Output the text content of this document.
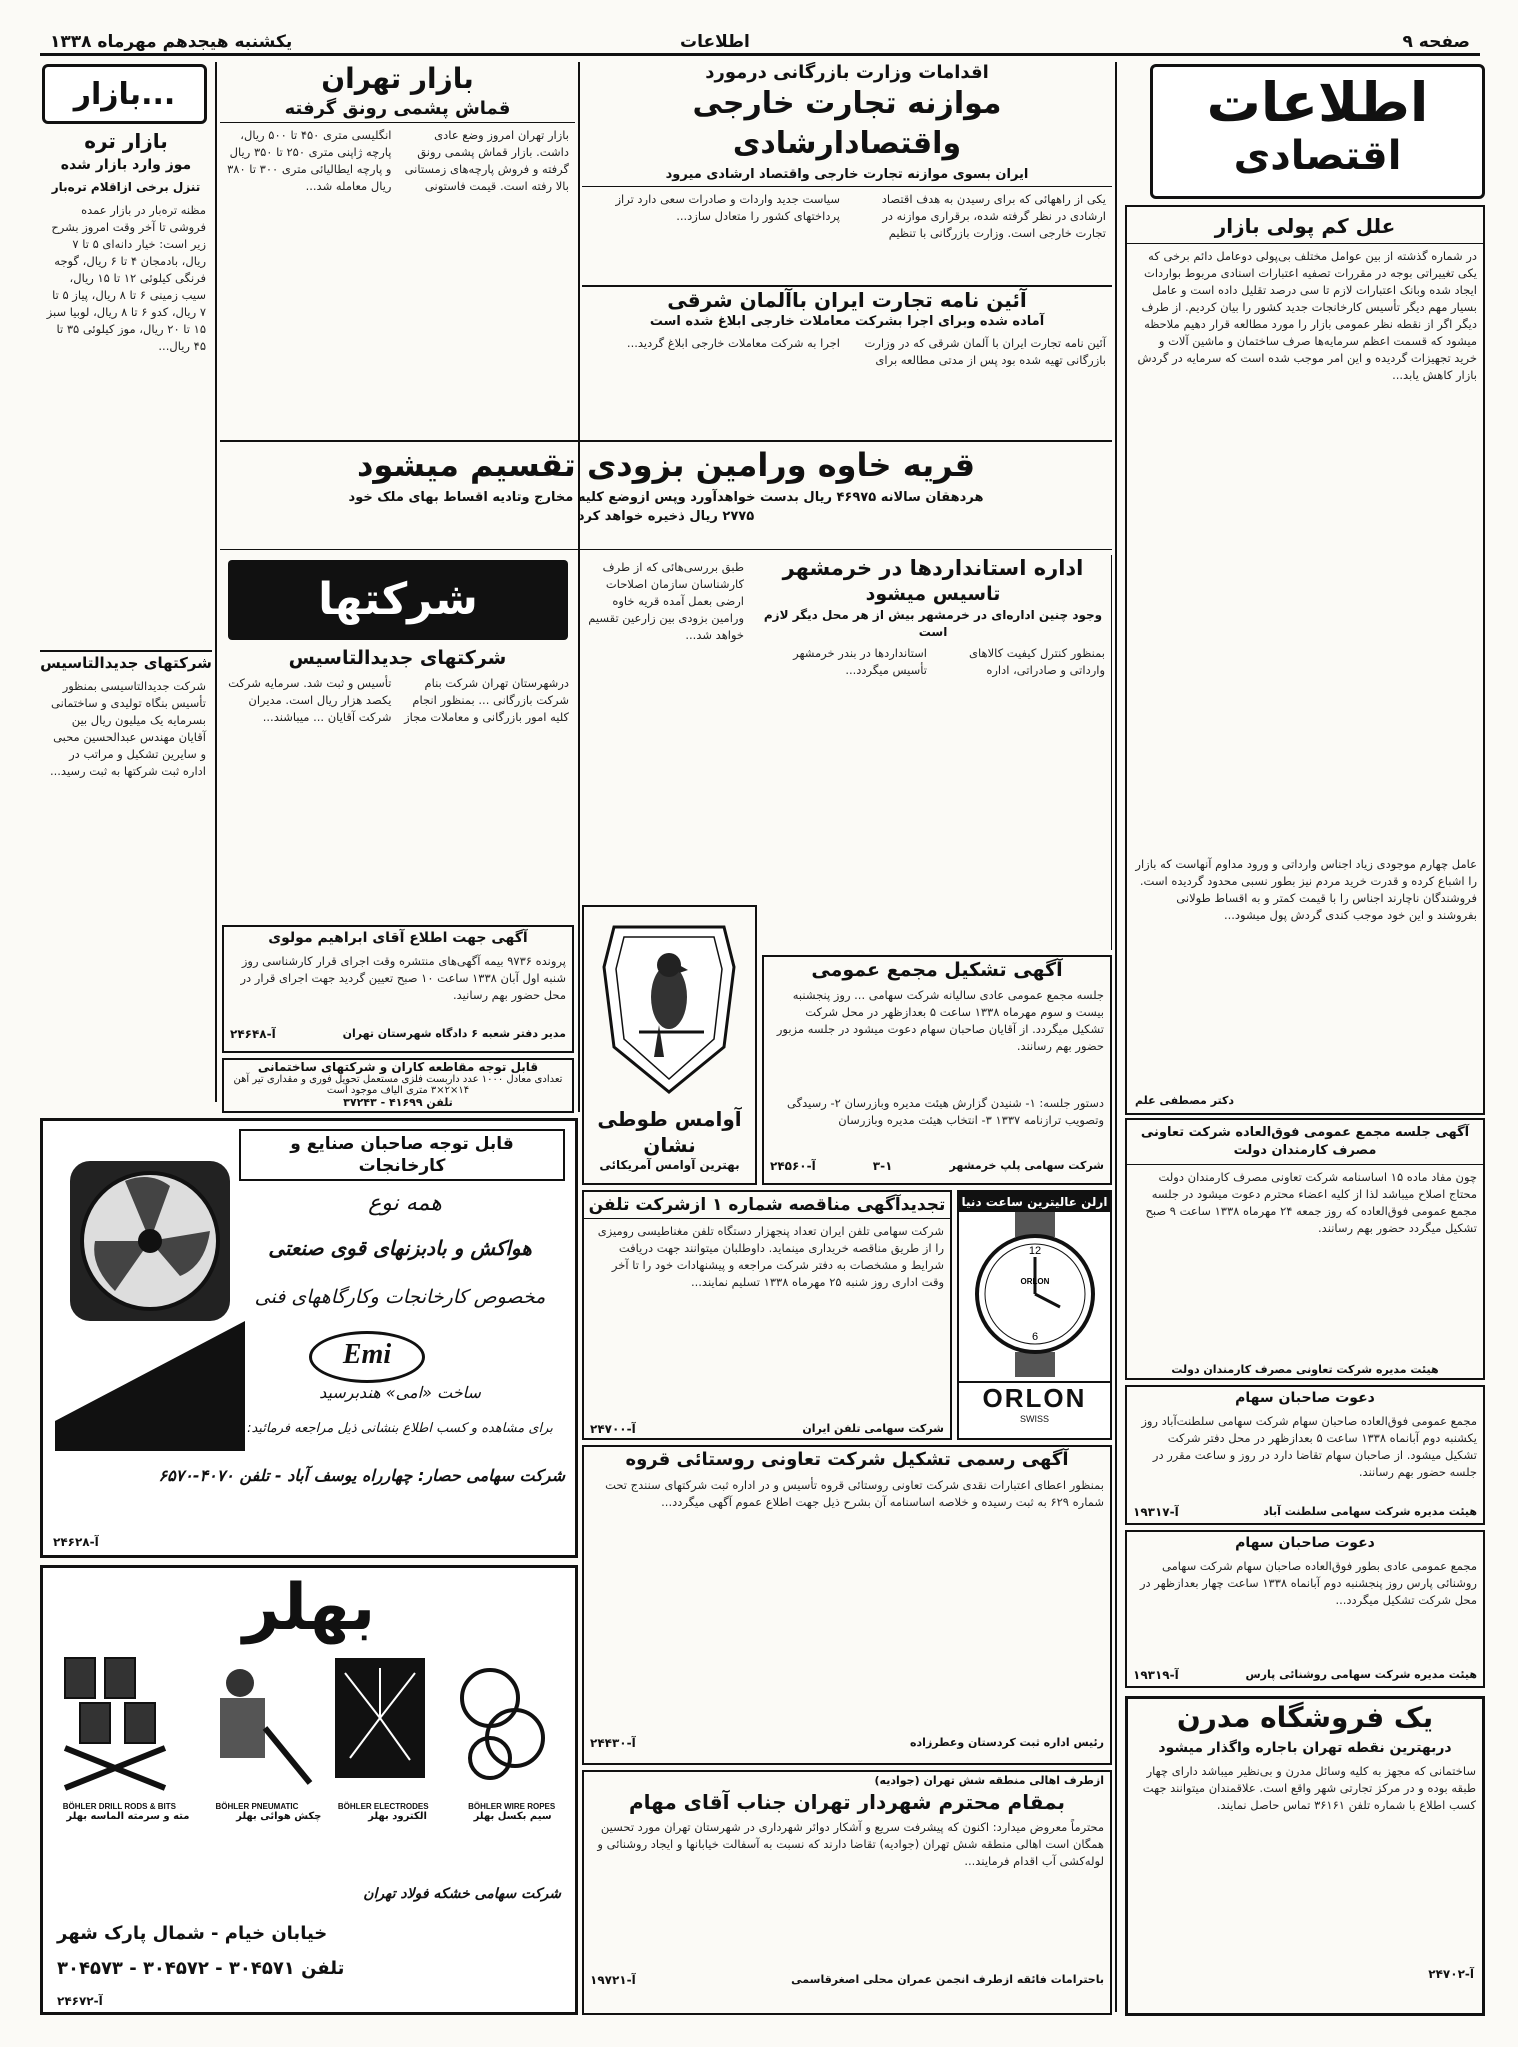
یکشنبه هیجدهم مهرماه ۱۳۳۸	اطلاعات	صفحه ۹
اطلاعات
اقتصادی
علل کم پولی بازار
در شماره گذشته از بین عوامل مختلف بی‌پولی دوعامل دائم برخی که یکی تغییراتی بوجه در مقررات تصفیه اعتبارات اسنادی مربوط بواردات ایجاد شده وبانک اعتبارات لازم تا سی درصد تقلیل داده است و عامل بسیار مهم دیگر تأسیس کارخانجات جدید کشور را بیان کردیم. از طرف دیگر اگر از نقطه نظر عمومی بازار را مورد مطالعه قرار دهیم ملاحظه میشود که قسمت اعظم سرمایه‌ها صرف ساختمان و ماشین آلات و خرید تجهیزات گردیده و این امر موجب شده است که سرمایه در گردش بازار کاهش یابد...
عامل چهارم موجودی زیاد اجناس وارداتی و ورود مداوم آنهاست که بازار را اشباع کرده و قدرت خرید مردم نیز بطور نسبی محدود گردیده است. فروشندگان ناچارند اجناس را با قیمت کمتر و به اقساط طولانی بفروشند و این خود موجب کندی گردش پول میشود...
دکتر مصطفی علم
آگهی جلسه مجمع عمومی فوق‌العاده شرکت تعاونی مصرف کارمندان دولت
چون مفاد ماده ۱۵ اساسنامه شرکت تعاونی مصرف کارمندان دولت محتاج اصلاح میباشد لذا از کلیه اعضاء محترم دعوت میشود در جلسه مجمع عمومی فوق‌العاده که روز جمعه ۲۴ مهرماه ۱۳۳۸ ساعت ۹ صبح تشکیل میگردد حضور بهم رسانند.
هیئت مدیره شرکت تعاونی مصرف کارمندان دولت
دعوت صاحبان سهام
مجمع عمومی فوق‌العاده صاحبان سهام شرکت سهامی سلطنت‌آباد روز یکشنبه دوم آبانماه ۱۳۳۸ ساعت ۵ بعدازظهر در محل دفتر شرکت تشکیل میشود. از صاحبان سهام تقاضا دارد در روز و ساعت مقرر در جلسه حضور بهم رسانند.
هیئت مدیره شرکت سهامی سلطنت آباد
آ-۱۹۳۱۷
دعوت صاحبان سهام
مجمع عمومی عادی بطور فوق‌العاده صاحبان سهام شرکت سهامی روشنائی پارس روز پنجشنبه دوم آبانماه ۱۳۳۸ ساعت چهار بعدازظهر در محل شرکت تشکیل میگردد...
هیئت مدیره شرکت سهامی روشنائی پارس
آ-۱۹۳۱۹
یک فروشگاه مدرن
دربهترین نقطه تهران باجاره واگذار میشود
ساختمانی که مجهز به کلیه وسائل مدرن و بی‌نظیر میباشد دارای چهار طبقه بوده و در مرکز تجارتی شهر واقع است. علاقمندان میتوانند جهت کسب اطلاع با شماره تلفن ۳۶۱۶۱ تماس حاصل نمایند.
آ-۲۴۷۰۲
اقدامات وزارت بازرگانی درمورد
موازنه تجارت خارجی واقتصادارشادی
ایران بسوی موازنه تجارت خارجی واقتصاد ارشادی میرود
یکی از راههائی که برای رسیدن به هدف اقتصاد ارشادی در نظر گرفته شده، برقراری موازنه در تجارت خارجی است. وزارت بازرگانی با تنظیم سیاست جدید واردات و صادرات سعی دارد تراز پرداختهای کشور را متعادل سازد...
آئین نامه تجارت ایران باآلمان شرقی
آماده شده وبرای اجرا بشرکت معاملات خارجی ابلاغ شده است
آئین نامه تجارت ایران با آلمان شرقی که در وزارت بازرگانی تهیه شده بود پس از مدتی مطالعه برای اجرا به شرکت معاملات خارجی ابلاغ گردید...
بازار تهران
قماش پشمی رونق گرفته
بازار تهران امروز وضع عادی داشت. بازار قماش پشمی رونق گرفته و فروش پارچه‌های زمستانی بالا رفته است. قیمت فاستونی انگلیسی متری ۴۵۰ تا ۵۰۰ ریال، پارچه ژاپنی متری ۲۵۰ تا ۳۵۰ ریال و پارچه ایطالیائی متری ۳۰۰ تا ۳۸۰ ریال معامله شد...
قریه خاوه ورامین بزودی تقسیم میشود
هردهقان سالانه ۴۶۹۷۵ ریال بدست خواهدآورد وپس ازوضع کلیه مخارج وتادیه اقساط بهای ملک خود ۲۷۷۵ ریال ذخیره خواهد کرد
شرکتها
شرکتهای جدیدالتاسیس
درشهرستان تهران شرکت بنام شرکت بازرگانی ... بمنظور انجام کلیه امور بازرگانی و معاملات مجاز تأسیس و ثبت شد. سرمایه شرکت یکصد هزار ریال است. مدیران شرکت آقایان ... میباشند...
طبق بررسی‌هائی که از طرف کارشناسان سازمان اصلاحات ارضی بعمل آمده قریه خاوه ورامین بزودی بین زارعین تقسیم خواهد شد...
اداره استانداردها در خرمشهر
تاسیس میشود
وجود چنین اداره‌ای در خرمشهر بیش از هر محل دیگر لازم است
بمنظور کنترل کیفیت کالاهای وارداتی و صادراتی، اداره استانداردها در بندر خرمشهر تأسیس میگردد...
آوامس طوطی نشان
بهترین آوامس آمریکائی
آگهی تشکیل مجمع عمومی
جلسه مجمع عمومی عادی سالیانه شرکت سهامی ... روز پنجشنبه بیست و سوم مهرماه ۱۳۳۸ ساعت ۵ بعدازظهر در محل شرکت تشکیل میگردد. از آقایان صاحبان سهام دعوت میشود در جلسه مزبور حضور بهم رسانند.
دستور جلسه: ۱- شنیدن گزارش هیئت مدیره وبازرسان ۲- رسیدگی وتصویب ترازنامه ۱۳۳۷ ۳- انتخاب هیئت مدیره وبازرسان
شرکت سهامی پلپ خرمشهر
۳-۱
آ-۲۴۵۶۰
آگهی جهت اطلاع آقای ابراهیم مولوی
پرونده ۹۷۳۶ بیمه آگهی‌های منتشره وقت اجرای قرار کارشناسی روز شنبه اول آبان ۱۳۳۸ ساعت ۱۰ صبح تعیین گردید جهت اجرای قرار در محل حضور بهم رسانید.
مدیر دفتر شعبه ۶ دادگاه شهرستان تهران
آ-۲۴۶۴۸
قابل توجه مقاطعه کاران و شرکتهای ساختمانی
تعدادی معادل ۱۰۰۰ عدد داربست فلزی مستعمل تحویل فوری و مقداری تیر آهن ۱۴×۲×۳ متری الیاف موجود است
تلفن ۴۱۶۹۹ - ۳۷۲۴۳
بازار...
بازار تره
موز وارد بازار شده
تنزل برخی ازاقلام تره‌بار
مظنه تره‌بار در بازار عمده فروشی تا آخر وقت امروز بشرح زیر است: خیار دانه‌ای ۵ تا ۷ ریال، بادمجان ۴ تا ۶ ریال، گوجه فرنگی کیلوئی ۱۲ تا ۱۵ ریال، سیب زمینی ۶ تا ۸ ریال، پیاز ۵ تا ۷ ریال، کدو ۶ تا ۸ ریال، لوبیا سبز ۱۵ تا ۲۰ ریال، موز کیلوئی ۳۵ تا ۴۵ ریال...
شرکتهای جدیدالتاسیس
شرکت جدیدالتاسیسی بمنظور تأسیس بنگاه تولیدی و ساختمانی بسرمایه یک میلیون ریال بین آقایان مهندس عبدالحسین محبی و سایرین تشکیل و مراتب در اداره ثبت شرکتها به ثبت رسید...
تجدیدآگهی مناقصه شماره ۱ ازشرکت تلفن
شرکت سهامی تلفن ایران تعداد پنجهزار دستگاه تلفن مغناطیسی رومیزی را از طریق مناقصه خریداری مینماید. داوطلبان میتوانند جهت دریافت شرایط و مشخصات به دفتر شرکت مراجعه و پیشنهادات خود را تا آخر وقت اداری روز شنبه ۲۵ مهرماه ۱۳۳۸ تسلیم نمایند...
شرکت سهامی تلفن ایران
آ-۲۴۷۰۰
ارلن عالیترین ساعت دنیا
12
6
ORLON
ORLON
SWISS
قابل توجه صاحبان صنایع و کارخانجات
همه نوع
هواکش و بادبزنهای قوی صنعتی
مخصوص کارخانجات وکارگاههای فنی
Emi
ساخت «امی» هندبرسید
برای مشاهده و کسب اطلاع بنشانی ذیل مراجعه فرمائید:
شرکت سهامی حصار: چهارراه یوسف آباد - تلفن ۴۰۷۰-۶۵۷۰
آ-۲۴۶۲۸
بهلر
BÖHLER DRILL RODS & BITS	BÖHLER PNEUMATIC	BÖHLER ELECTRODES	BÖHLER WIRE ROPES
مته و سرمته الماسه بهلر	چکش هوائی بهلر	الکترود بهلر	سیم بکسل بهلر
شرکت سهامی خشکه فولاد تهران
خیابان خیام - شمال پارک شهر
تلفن ۳۰۴۵۷۱ - ۳۰۴۵۷۲ - ۳۰۴۵۷۳
آ-۲۴۶۷۲
آگهی رسمی تشکیل شرکت تعاونی روستائی قروه
بمنظور اعطای اعتبارات نقدی شرکت تعاونی روستائی قروه تأسیس و در اداره ثبت شرکتهای سنندج تحت شماره ۶۲۹ به ثبت رسیده و خلاصه اساسنامه آن بشرح ذیل جهت اطلاع عموم آگهی میگردد...
رئیس اداره ثبت کردستان وعطرزاده
آ-۲۴۴۳۰
ازطرف اهالی منطقه شش تهران (جوادیه)
بمقام محترم شهردار تهران جناب آقای مهام
محترماً معروض میدارد: اکنون که پیشرفت سریع و آشکار دوائر شهرداری در شهرستان تهران مورد تحسین همگان است اهالی منطقه شش تهران (جوادیه) تقاضا دارند که نسبت به آسفالت خیابانها و ایجاد روشنائی و لوله‌کشی آب اقدام فرمایند...
باحترامات فائقه ازطرف انجمن عمران محلی اصغرقاسمی
آ-۱۹۷۲۱
